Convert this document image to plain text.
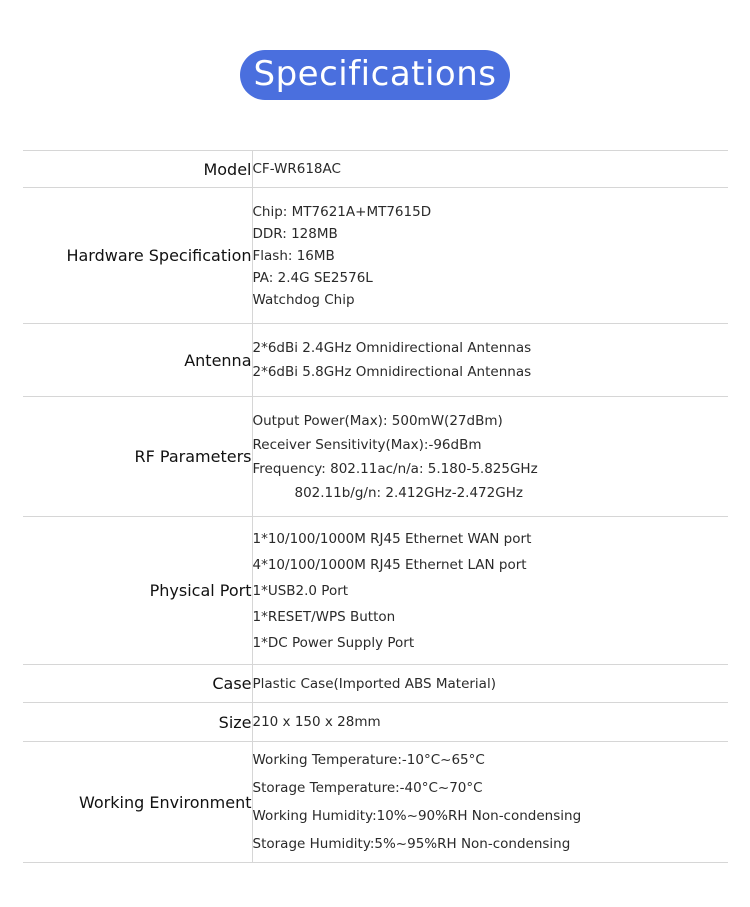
Specifications
Model	CF-WR618AC

Hardware Specification	Chip: MT7621A+MT7615D
DDR: 128MB
Flash: 16MB
PA: 2.4G SE2576L
Watchdog Chip

Antenna	2*6dBi 2.4GHz Omnidirectional Antennas
2*6dBi 5.8GHz Omnidirectional Antennas

RF Parameters	Output Power(Max): 500mW(27dBm)
Receiver Sensitivity(Max):-96dBm
Frequency: 802.11ac/n/a: 5.180-5.825GHz
802.11b/g/n: 2.412GHz-2.472GHz

Physical Port	1*10/100/1000M RJ45 Ethernet WAN port
4*10/100/1000M RJ45 Ethernet LAN port
1*USB2.0 Port
1*RESET/WPS Button
1*DC Power Supply Port

Case	Plastic Case(Imported ABS Material)

Size	210 x 150 x 28mm

Working Environment	Working Temperature:-10°C~65°C
Storage Temperature:-40°C~70°C
Working Humidity:10%~90%RH Non-condensing
Storage Humidity:5%~95%RH Non-condensing
